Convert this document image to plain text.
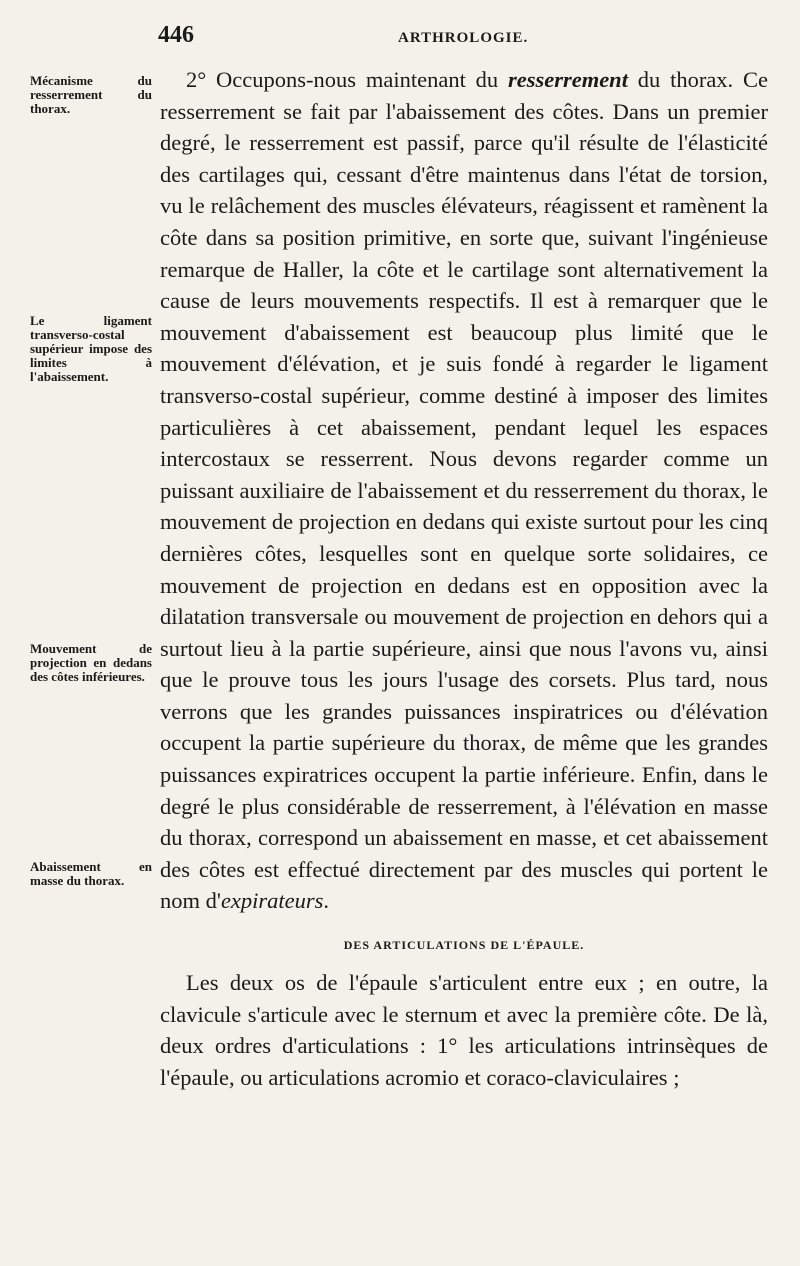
446	ARTHROLOGIE.
Mécanisme du resserrement du thorax.
Le ligament transverso-costal supérieur impose des limites à l'abaissement.
Mouvement de projection en dedans des côtes inférieures.
Abaissement en masse du thorax.

2° Occupons-nous maintenant du resserrement du thorax. Ce resserrement se fait par l'abaissement des côtes. Dans un premier degré, le resserrement est passif, parce qu'il résulte de l'élasticité des cartilages qui, cessant d'être maintenus dans l'état de torsion, vu le relâchement des muscles élévateurs, réagissent et ramènent la côte dans sa position primitive, en sorte que, suivant l'ingénieuse remarque de Haller, la côte et le cartilage sont alternativement la cause de leurs mouvements respectifs. Il est à remarquer que le mouvement d'abaissement est beaucoup plus limité que le mouvement d'élévation, et je suis fondé à regarder le ligament transverso-costal supérieur, comme destiné à imposer des limites particulières à cet abaissement, pendant lequel les espaces intercostaux se resserrent. Nous devons regarder comme un puissant auxiliaire de l'abaissement et du resserrement du thorax, le mouvement de projection en dedans qui existe surtout pour les cinq dernières côtes, lesquelles sont en quelque sorte solidaires, ce mouvement de projection en dedans est en opposition avec la dilatation transversale ou mouvement de projection en dehors qui a surtout lieu à la partie supérieure, ainsi que nous l'avons vu, ainsi que le prouve tous les jours l'usage des corsets. Plus tard, nous verrons que les grandes puissances inspiratrices ou d'élévation occupent la partie supérieure du thorax, de même que les grandes puissances expiratrices occupent la partie inférieure. Enfin, dans le degré le plus considérable de resserrement, à l'élévation en masse du thorax, correspond un abaissement en masse, et cet abaissement des côtes est effectué directement par des muscles qui portent le nom d'expirateurs.

DES ARTICULATIONS DE L'ÉPAULE.

Les deux os de l'épaule s'articulent entre eux ; en outre, la clavicule s'articule avec le sternum et avec la première côte. De là, deux ordres d'articulations : 1° les articulations intrinsèques de l'épaule, ou articulations acromio et coraco-claviculaires ;
